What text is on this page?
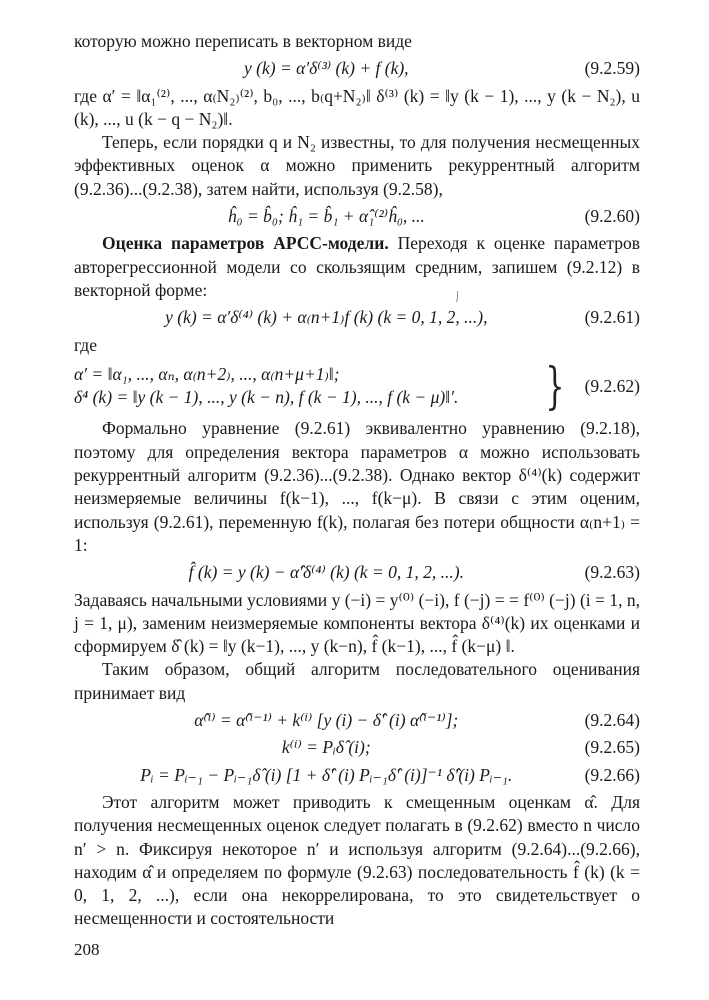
которую можно переписать в векторном виде

y (k) = α′δ⁽³⁾ (k) + f (k),	(9.2.59)

где α′ = ‖α₁⁽²⁾, ..., α₍N₂₎⁽²⁾, b₀, ..., b₍q+N₂₎‖ δ⁽³⁾ (k) = ‖y (k − 1), ..., y (k − N₂), u (k), ..., u (k − q − N₂)‖.

Теперь, если порядки q и N₂ известны, то для получения несмещенных эффективных оценок α можно применить рекуррентный алгоритм (9.2.36)...(9.2.38), затем найти, используя (9.2.58),

ĥ₀ = b̂₀; ĥ₁ = b̂₁ + α̂₁⁽²⁾ĥ₀, ...	(9.2.60)

Оценка параметров АРСС-модели. Переходя к оценке параметров авторегрессионной модели со скользящим средним, запишем (9.2.12) в векторной форме:

y (k) = α′δ⁽⁴⁾ (k) + α₍n+1₎f (k) (k = 0, 1, 2, ...),	(9.2.61)

где

α′ = ‖α₁, ..., αₙ, α₍n+2₎, ..., α₍n+μ+1₎‖;
δ⁴ (k) = ‖y (k − 1), ..., y (k − n), f (k − 1), ..., f (k − μ)‖′.	} (9.2.62)

Формально уравнение (9.2.61) эквивалентно уравнению (9.2.18), поэтому для определения вектора параметров α можно использовать рекуррентный алгоритм (9.2.36)...(9.2.38). Однако вектор δ⁽⁴⁾(k) содержит неизмеряемые величины f(k−1), ..., f(k−μ). В связи с этим оценим, используя (9.2.61), переменную f(k), полагая без потери общности α₍n+1₎ = 1:

f̂ (k) = y (k) − α̂′δ⁽⁴⁾ (k) (k = 0, 1, 2, ...).	(9.2.63)

Задаваясь начальными условиями y (−i) = y⁽⁰⁾ (−i), f (−j) = = f⁽⁰⁾ (−j) (i = 1, n, j = 1, μ), заменим неизмеряемые компоненты вектора δ⁽⁴⁾(k) их оценками и сформируем δ̂ (k) = ‖y (k−1), ..., y (k−n), f̂ (k−1), ..., f̂ (k−μ) ‖.

Таким образом, общий алгоритм последовательного оценивания принимает вид

α̂⁽ⁱ⁾ = α̂⁽ⁱ⁻¹⁾ + k⁽ⁱ⁾ [y (i) − δ̂′ (i) α̂⁽ⁱ⁻¹⁾];	(9.2.64)
k⁽ⁱ⁾ = Pᵢδ̂ (i);	(9.2.65)
Pᵢ = Pᵢ₋₁ − Pᵢ₋₁δ̂ (i) [1 + δ̂′ (i) Pᵢ₋₁δ̂′ (i)]⁻¹ δ̂′(i) Pᵢ₋₁.	(9.2.66)

Этот алгоритм может приводить к смещенным оценкам α̂. Для получения несмещенных оценок следует полагать в (9.2.62) вместо n число n′ > n. Фиксируя некоторое n′ и используя алгоритм (9.2.64)...(9.2.66), находим α̂ и определяем по формуле (9.2.63) последовательность f̂ (k) (k = 0, 1, 2, ...), если она некоррелирована, то это свидетельствует о несмещенности и состоятельности

⁄
208
